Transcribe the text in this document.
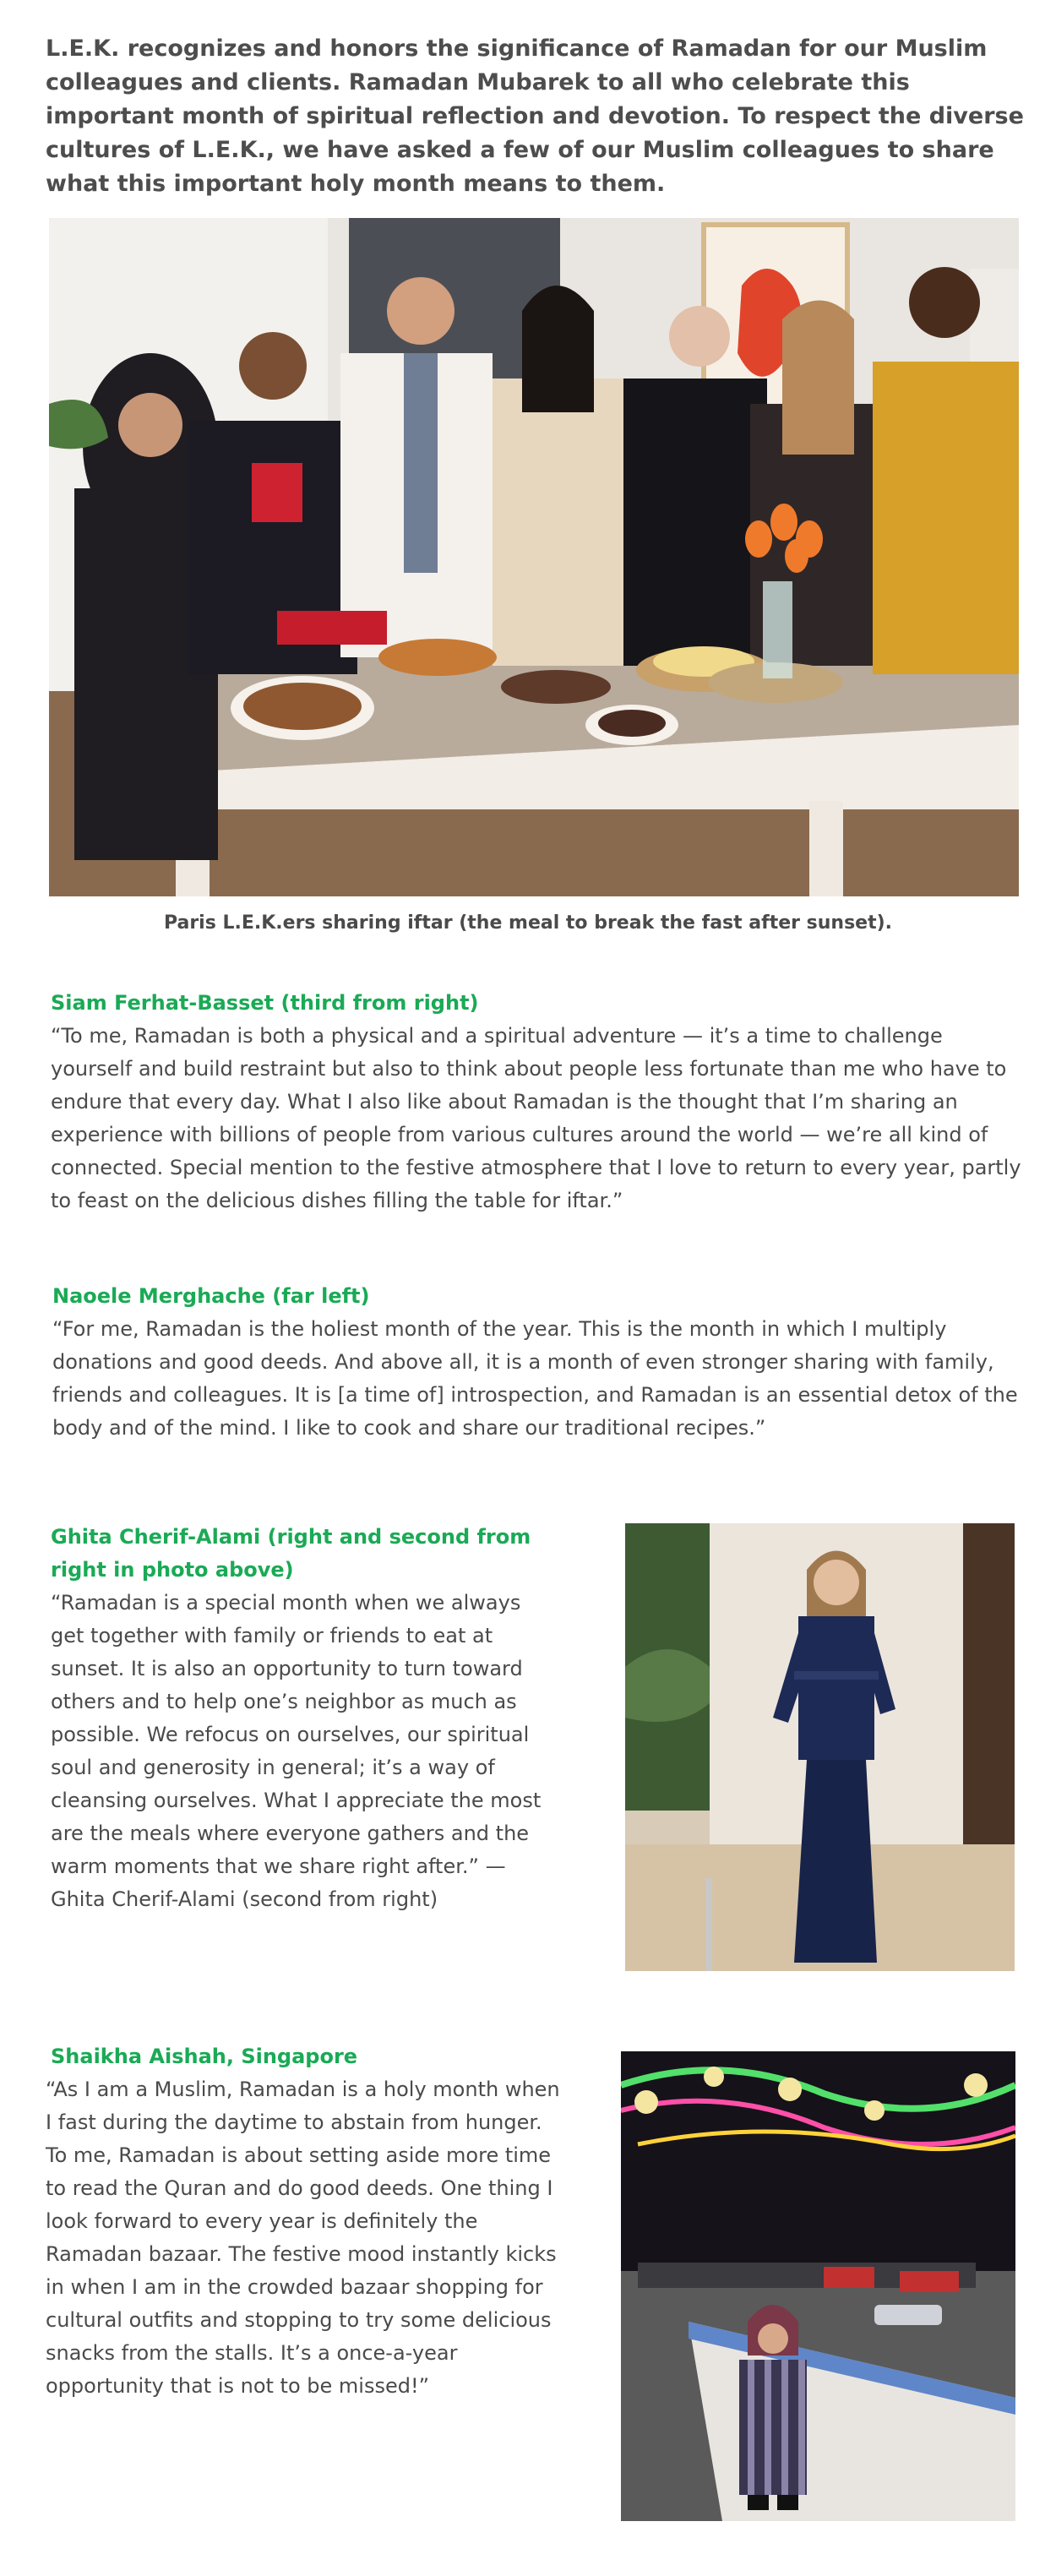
L.E.K. recognizes and honors the significance of Ramadan for our Muslim colleagues and clients. Ramadan Mubarek to all who celebrate this important month of spiritual reflection and devotion. To respect the diverse cultures of L.E.K., we have asked a few of our Muslim colleagues to share what this important holy month means to them.

Paris L.E.K.ers sharing iftar (the meal to break the fast after sunset).

Siam Ferhat-Basset (third from right)

“To me, Ramadan is both a physical and a spiritual adventure — it’s a time to challenge yourself and build restraint but also to think about people less fortunate than me who have to endure that every day. What I also like about Ramadan is the thought that I’m sharing an experience with billions of people from various cultures around the world — we’re all kind of connected. Special mention to the festive atmosphere that I love to return to every year, partly to feast on the delicious dishes filling the table for iftar.”

Naoele Merghache (far left)

“For me, Ramadan is the holiest month of the year. This is the month in which I multiply donations and good deeds. And above all, it is a month of even stronger sharing with family, friends and colleagues. It is [a time of] introspection, and Ramadan is an essential detox of the body and of the mind. I like to cook and share our traditional recipes.”

Ghita Cherif-Alami (right and second from right in photo above)

“Ramadan is a special month when we always get together with family or friends to eat at sunset. It is also an opportunity to turn toward others and to help one’s neighbor as much as possible. We refocus on ourselves, our spiritual soul and generosity in general; it’s a way of cleansing ourselves. What I appreciate the most are the meals where everyone gathers and the warm moments that we share right after.” — Ghita Cherif-Alami (second from right)

Shaikha Aishah, Singapore

“As I am a Muslim, Ramadan is a holy month when I fast during the daytime to abstain from hunger. To me, Ramadan is about setting aside more time to read the Quran and do good deeds. One thing I look forward to every year is definitely the Ramadan bazaar. The festive mood instantly kicks in when I am in the crowded bazaar shopping for cultural outfits and stopping to try some delicious snacks from the stalls. It’s a once-a-year opportunity that is not to be missed!”
